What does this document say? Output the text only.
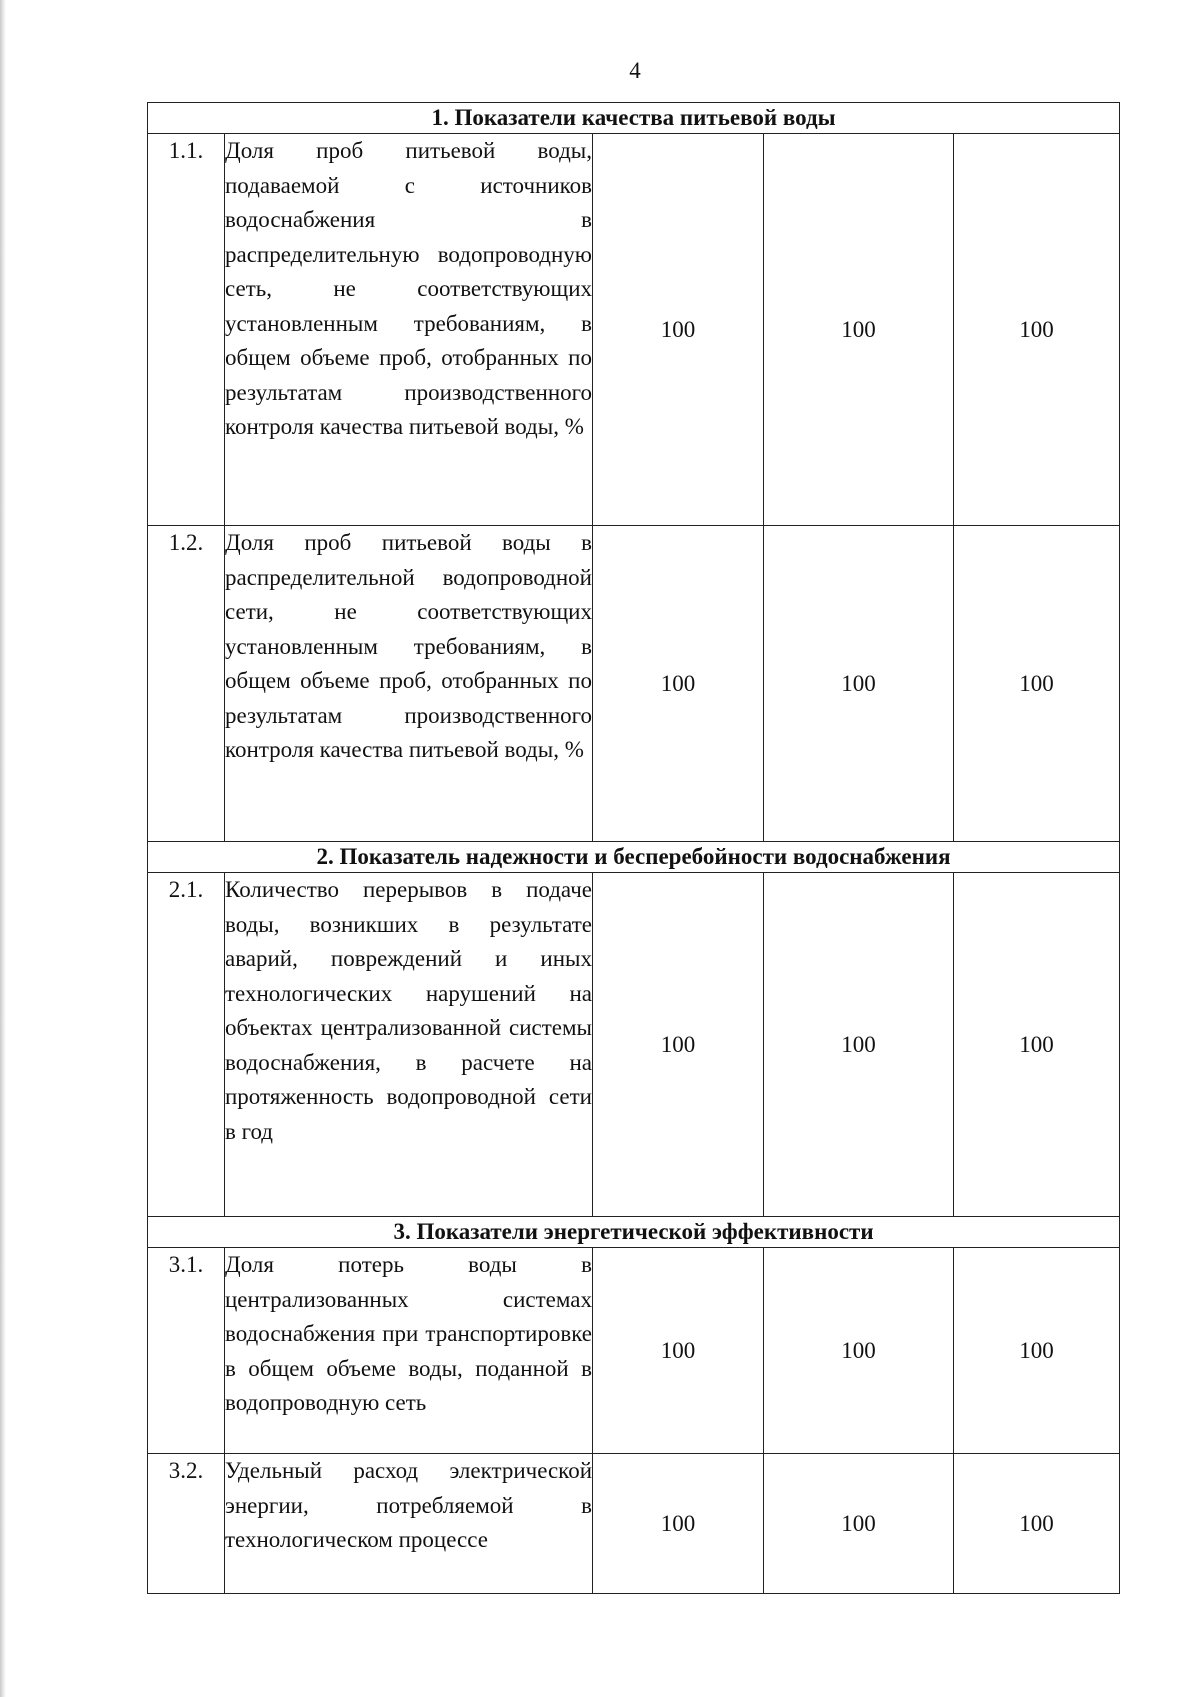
4
1. Показатели качества питьевой воды				
1.1.	Доля проб питьевой воды, подаваемой с источников водоснабжения в распределительную водопроводную сеть, не соответствующих установленным требованиям, в общем объеме проб, отобранных по результатам производственного контроля качества питьевой воды, %	100	100	100
1.2.	Доля проб питьевой воды в распределительной водопроводной сети, не соответствующих установленным требованиям, в общем объеме проб, отобранных по результатам производственного контроля качества питьевой воды, %	100	100	100
2. Показатель надежности и бесперебойности водоснабжения				
2.1.	Количество перерывов в подаче воды, возникших в результате аварий, повреждений и иных технологических нарушений на объектах централизованной системы водоснабжения, в расчете на протяженность водопроводной сети в год	100	100	100
3. Показатели энергетической эффективности				
3.1.	Доля потерь воды в централизованных системах водоснабжения при транспортировке в общем объеме воды, поданной в водопроводную сеть	100	100	100
3.2.	Удельный расход электрической энергии, потребляемой в технологическом процессе	100	100	100
